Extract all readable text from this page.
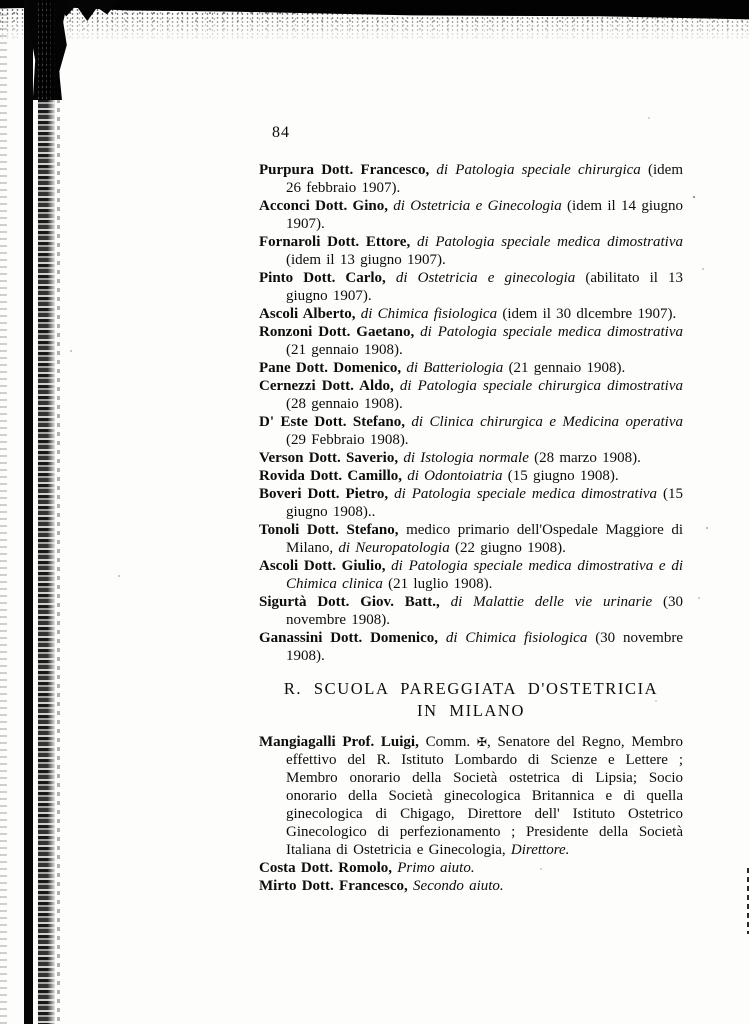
84

Purpura Dott. Francesco, di Patologia speciale chirurgica (idem 26 febbraio 1907).

Acconci Dott. Gino, di Ostetricia e Ginecologia (idem il 14 giugno 1907).

Fornaroli Dott. Ettore, di Patologia speciale medica dimostrativa (idem il 13 giugno 1907).

Pinto Dott. Carlo, di Ostetricia e ginecologia (abilitato il 13 giugno 1907).

Ascoli Alberto, di Chimica fisiologica (idem il 30 dlcembre 1907).

Ronzoni Dott. Gaetano, di Patologia speciale medica dimostrativa (21 gennaio 1908).

Pane Dott. Domenico, di Batteriologia (21 gennaio 1908).

Cernezzi Dott. Aldo, di Patologia speciale chirurgica dimostrativa (28 gennaio 1908).

D' Este Dott. Stefano, di Clinica chirurgica e Medicina operativa (29 Febbraio 1908).

Verson Dott. Saverio, di Istologia normale (28 marzo 1908).

Rovida Dott. Camillo, di Odontoiatria (15 giugno 1908).

Boveri Dott. Pietro, di Patologia speciale medica dimostrativa (15 giugno 1908)..

Tonoli Dott. Stefano, medico primario dell'Ospedale Maggiore di Milano, di Neuropatologia (22 giugno 1908).

Ascoli Dott. Giulio, di Patologia speciale medica dimostrativa e di Chimica clinica (21 luglio 1908).

Sigurtà Dott. Giov. Batt., di Malattie delle vie urinarie (30 novembre 1908).

Ganassini Dott. Domenico, di Chimica fisiologica (30 novembre 1908).

R. SCUOLA PAREGGIATA D'OSTETRICIA
IN MILANO

Mangiagalli Prof. Luigi, Comm. ✠, Senatore del Regno, Membro effettivo del R. Istituto Lombardo di Scienze e Lettere ; Membro onorario della Società ostetrica di Lipsia; Socio onorario della Società ginecologica Britannica e di quella ginecologica di Chigago, Direttore dell' Istituto Ostetrico Ginecologico di perfezionamento ; Presidente della Società Italiana di Ostetricia e Ginecologia, Direttore.

Costa Dott. Romolo, Primo aiuto.

Mirto Dott. Francesco, Secondo aiuto.
